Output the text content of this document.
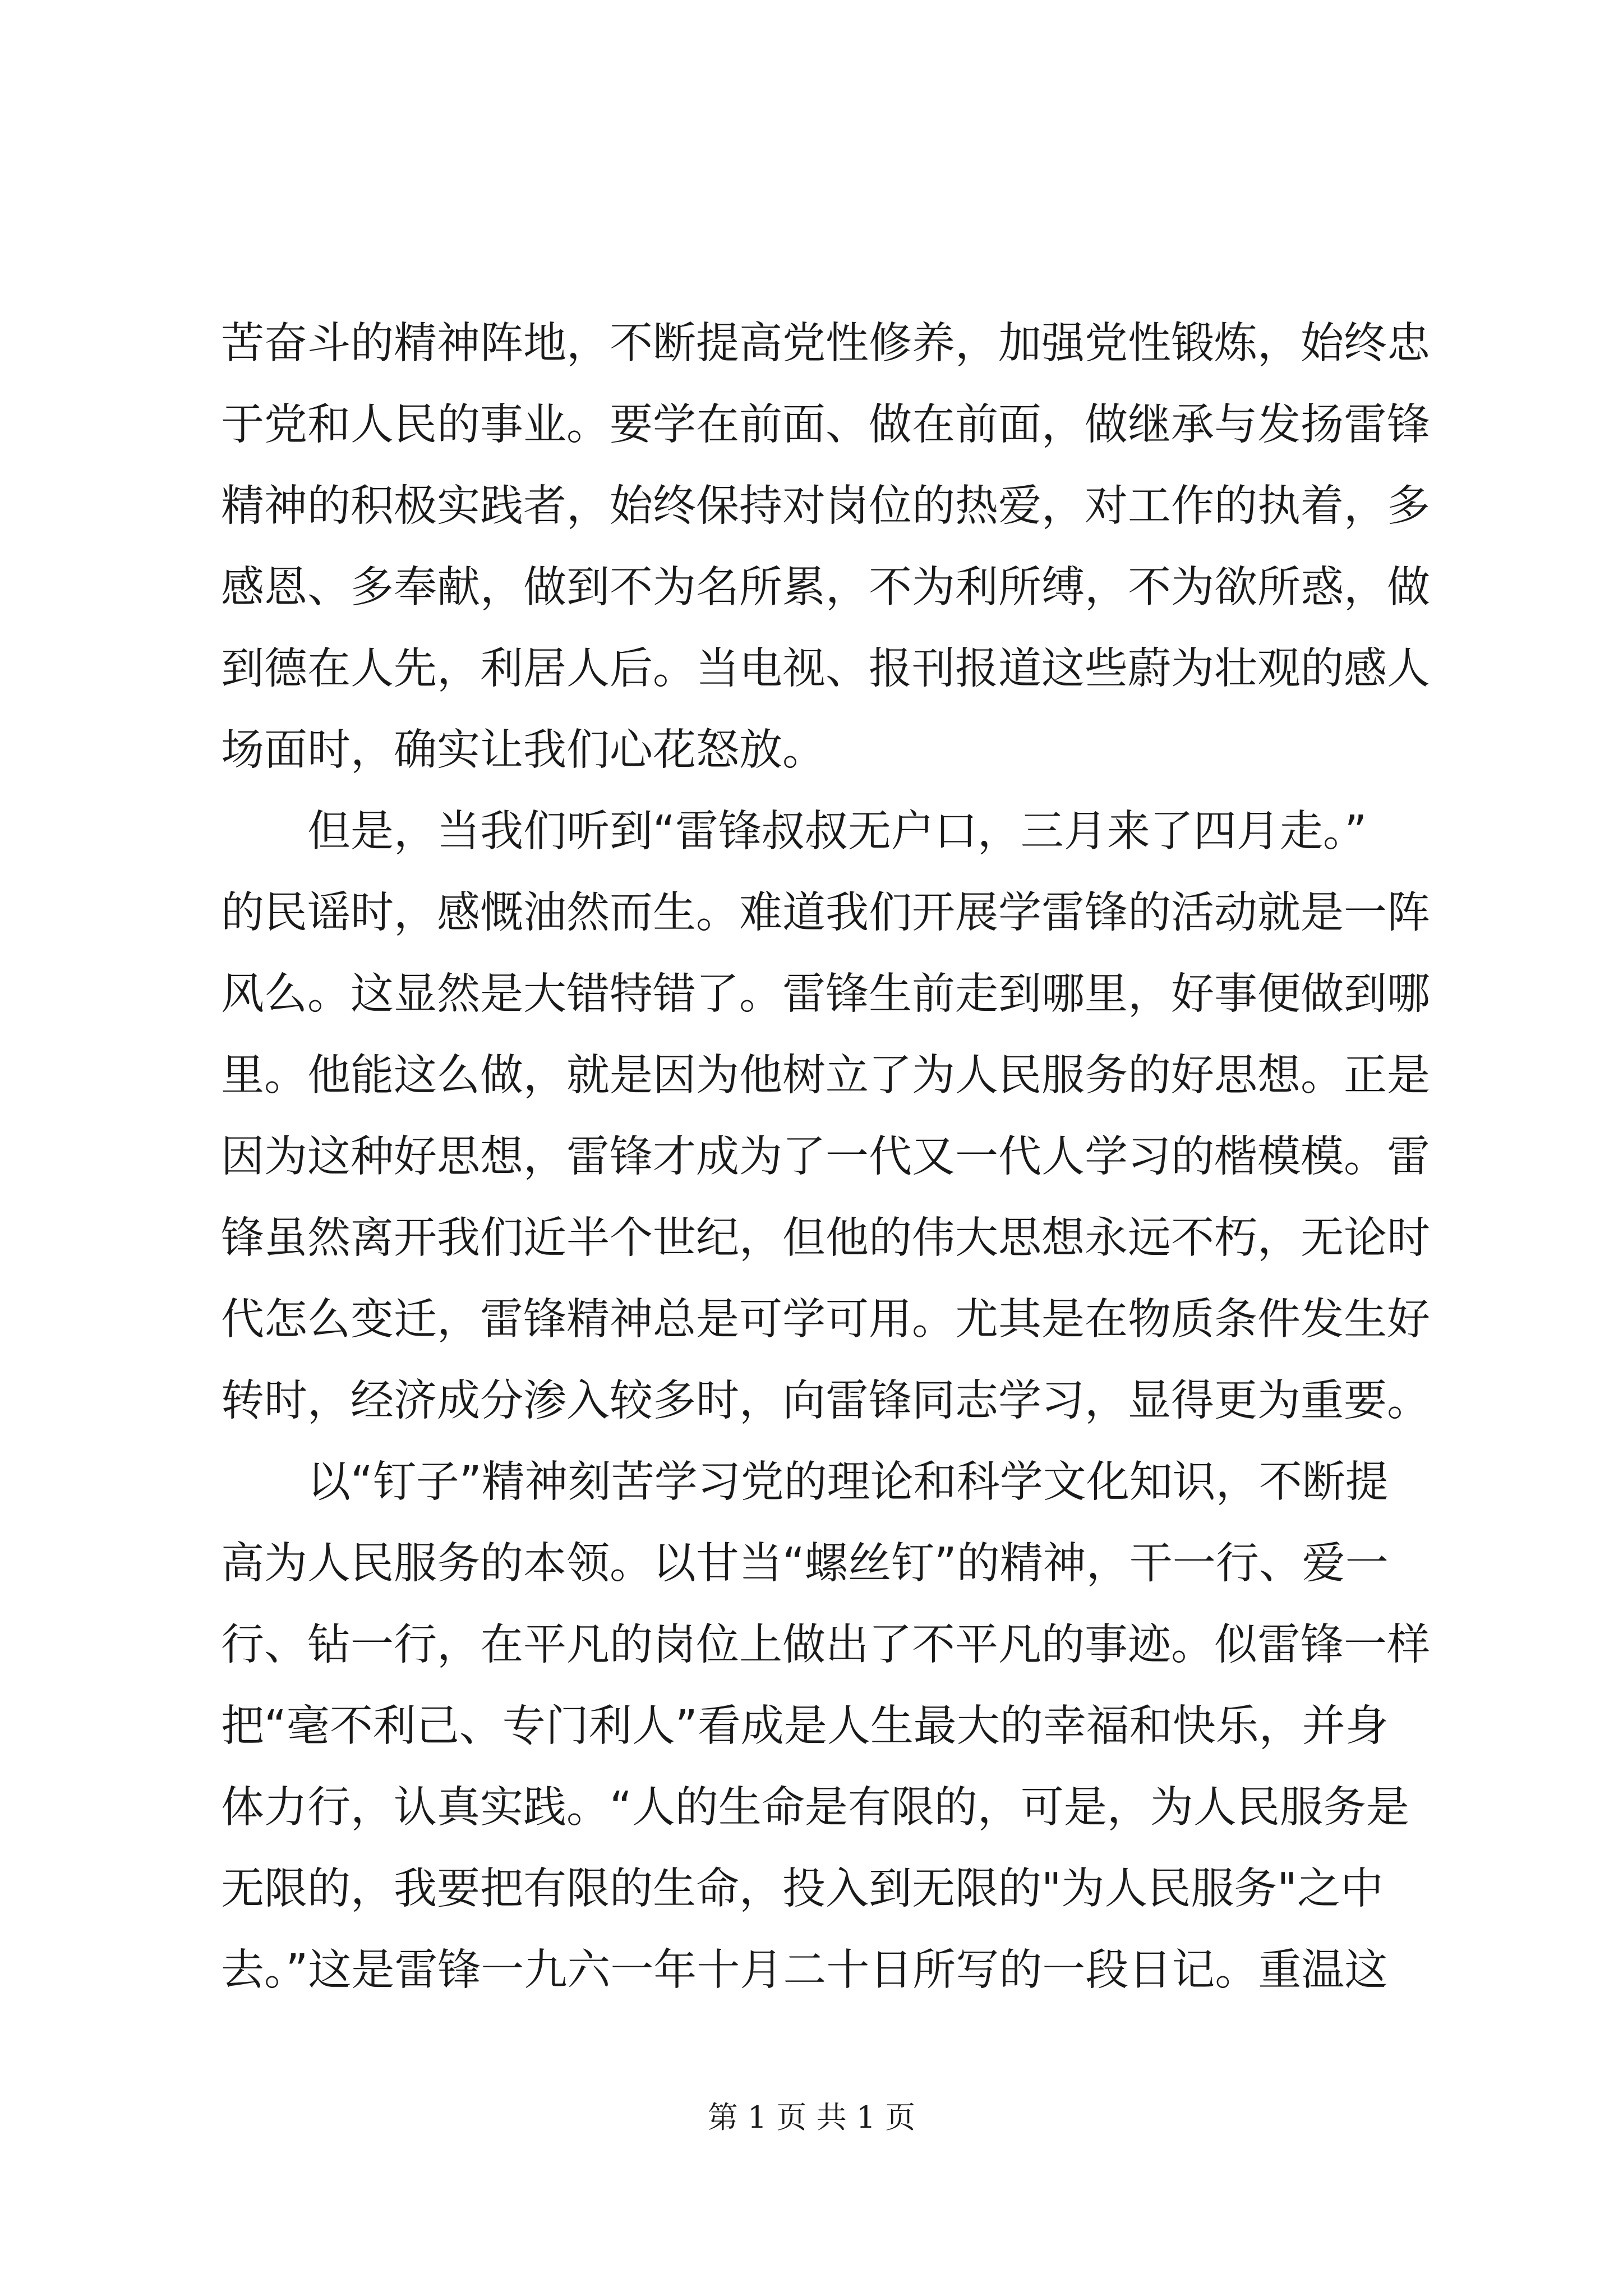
苦奋斗的精神阵地，不断提高党性修养，加强党性锻炼，始终忠
于党和人民的事业。要学在前面、做在前面，做继承与发扬雷锋
精神的积极实践者，始终保持对岗位的热爱，对工作的执着，多
感恩、多奉献，做到不为名所累，不为利所缚，不为欲所惑，做
到德在人先，利居人后。当电视、报刊报道这些蔚为壮观的感人
场面时，确实让我们心花怒放。
但是，当我们听到“雷锋叔叔无户口，三月来了四月走。”
的民谣时，感慨油然而生。难道我们开展学雷锋的活动就是一阵
风么。这显然是大错特错了。雷锋生前走到哪里，好事便做到哪
里。他能这么做，就是因为他树立了为人民服务的好思想。正是
因为这种好思想，雷锋才成为了一代又一代人学习的楷模模。雷
锋虽然离开我们近半个世纪，但他的伟大思想永远不朽，无论时
代怎么变迁，雷锋精神总是可学可用。尤其是在物质条件发生好
转时，经济成分渗入较多时，向雷锋同志学习，显得更为重要。
以“钉子”精神刻苦学习党的理论和科学文化知识，不断提
高为人民服务的本领。以甘当“螺丝钉”的精神，干一行、爱一
行、钻一行，在平凡的岗位上做出了不平凡的事迹。似雷锋一样
把“毫不利己、专门利人”看成是人生最大的幸福和快乐，并身
体力行，认真实践。“人的生命是有限的，可是，为人民服务是
无限的，我要把有限的生命，投入到无限的"为人民服务"之中
去。”这是雷锋一九六一年十月二十日所写的一段日记。重温这
第 1 页 共 1 页
